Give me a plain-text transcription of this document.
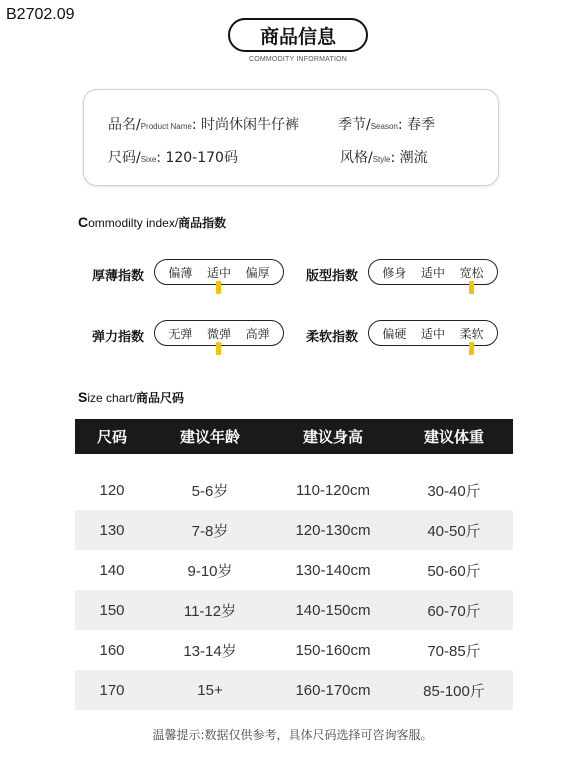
B2702.09
商品信息
COMMODITY INFORMATION
品名/Product Name: 时尚休闲牛仔裤	季节/Season: 春季
尺码/Sixe: 120-170码	风格/Style: 潮流
Commodilty index/商品指数
厚薄指数 偏薄 适中 偏厚	版型指数 修身 适中 宽松
弹力指数 无弹 微弹 高弹	柔软指数 偏硬 适中 柔软
Size chart/商品尺码
尺码	建议年龄	建议身高	建议体重
120	5-6岁	110-120cm	30-40斤
130	7-8岁	120-130cm	40-50斤
140	9-10岁	130-140cm	50-60斤
150	11-12岁	140-150cm	60-70斤
160	13-14岁	150-160cm	70-85斤
170	15+	160-170cm	85-100斤
温馨提示:数据仅供参考，具体尺码选择可咨询客服。
